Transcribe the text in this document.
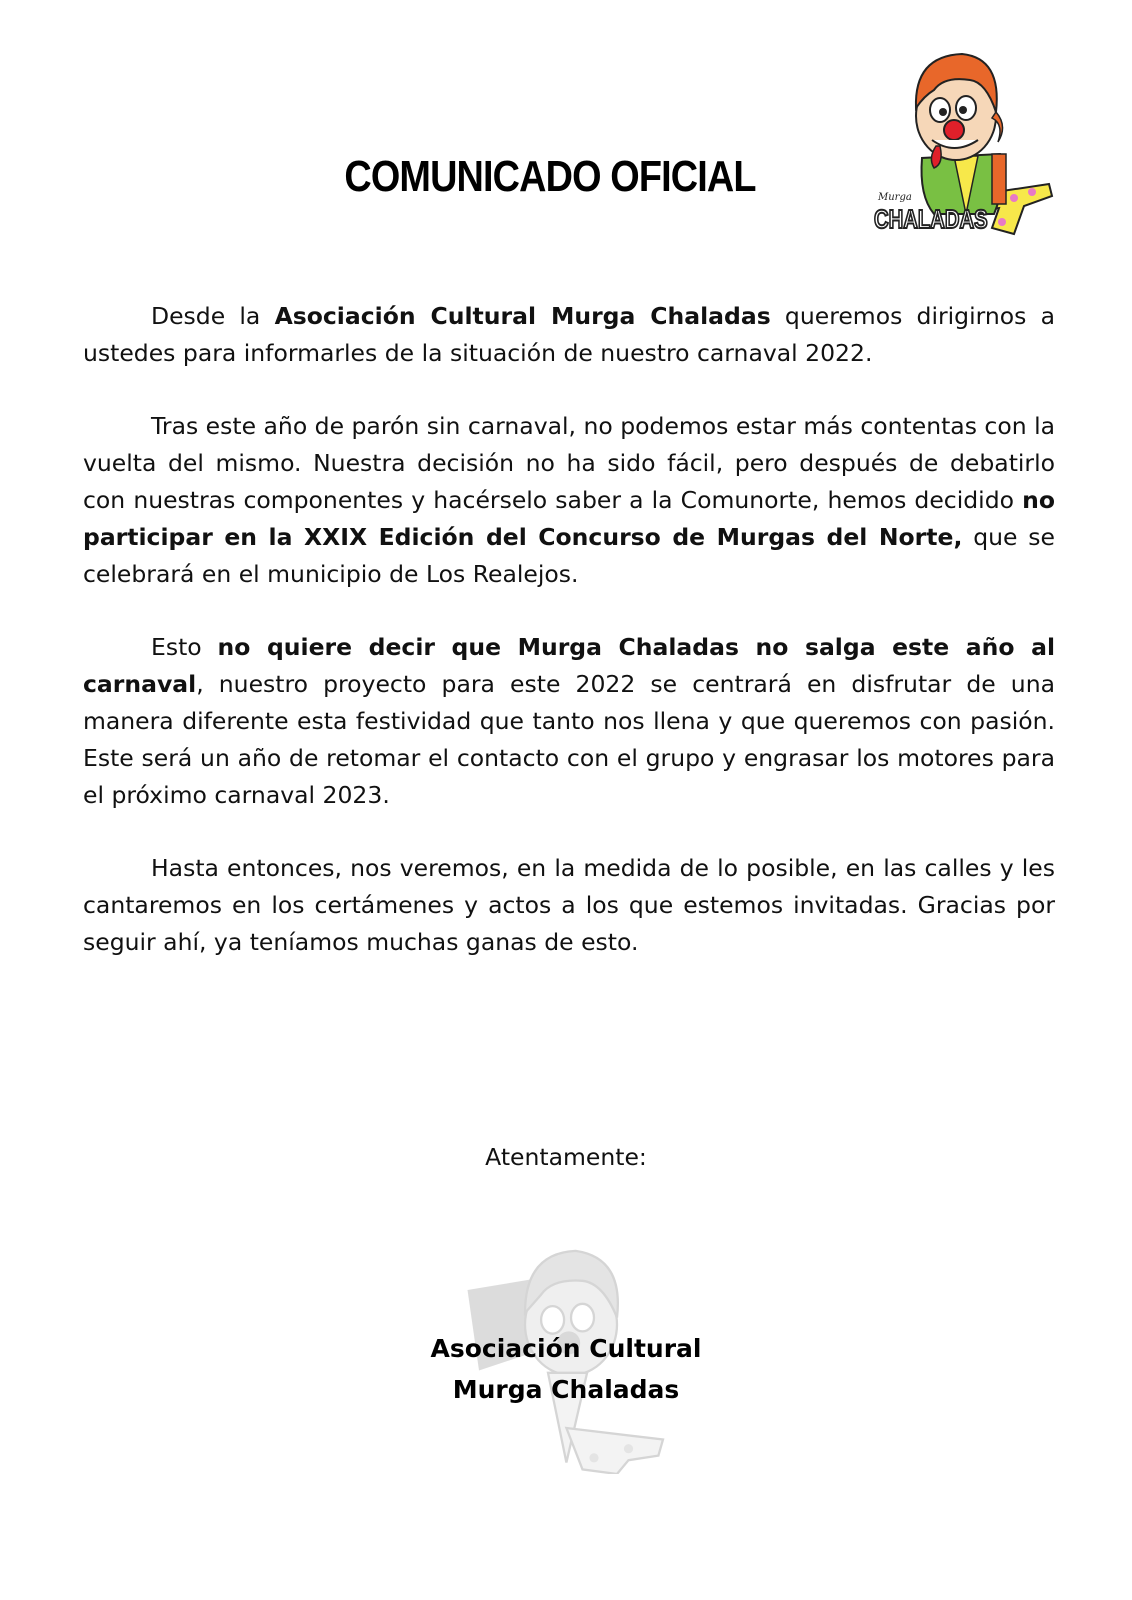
COMUNICADO OFICIAL	Murga
CHALADAS

Desde la Asociación Cultural Murga Chaladas queremos dirigirnos a ustedes para informarles de la situación de nuestro carnaval 2022.

Tras este año de parón sin carnaval, no podemos estar más contentas con la vuelta del mismo. Nuestra decisión no ha sido fácil, pero después de debatirlo con nuestras componentes y hacérselo saber a la Comunorte, hemos decidido no participar en la XXIX Edición del Concurso de Murgas del Norte, que se celebrará en el municipio de Los Realejos.

Esto no quiere decir que Murga Chaladas no salga este año al carnaval, nuestro proyecto para este 2022 se centrará en disfrutar de una manera diferente esta festividad que tanto nos llena y que queremos con pasión. Este será un año de retomar el contacto con el grupo y engrasar los motores para el próximo carnaval 2023.

Hasta entonces, nos veremos, en la medida de lo posible, en las calles y les cantaremos en los certámenes y actos a los que estemos invitadas. Gracias por seguir ahí, ya teníamos muchas ganas de esto.

Atentamente:
Asociación Cultural
Murga Chaladas
